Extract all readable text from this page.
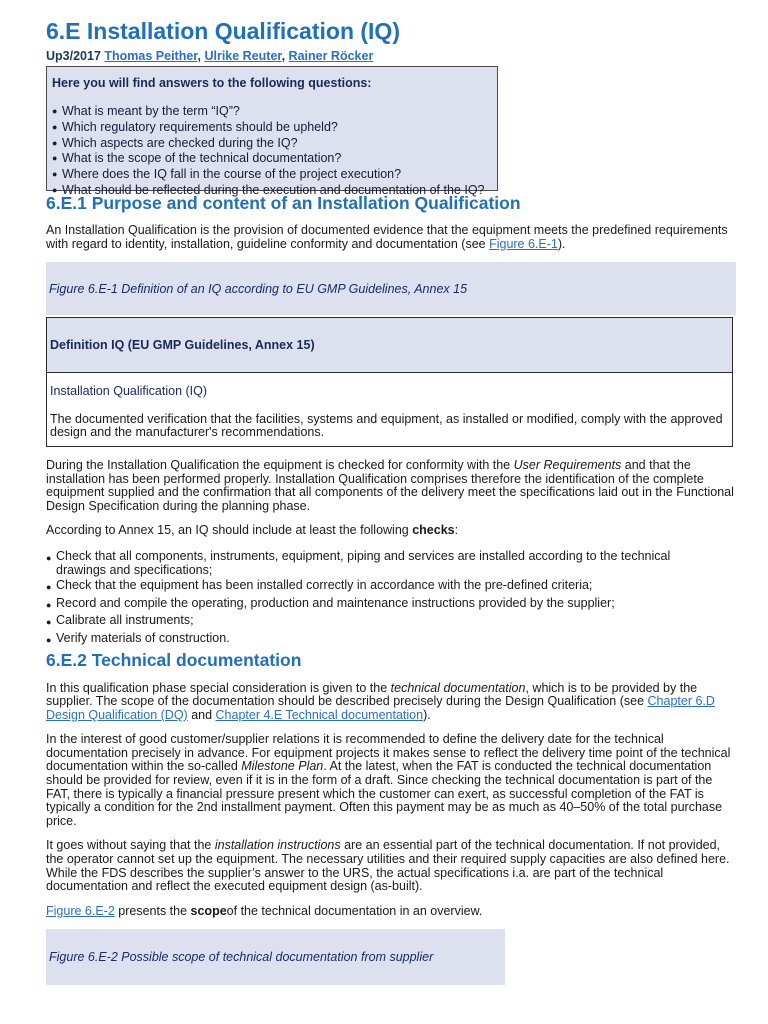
6.E Installation Qualification (IQ)
Up3/2017 Thomas Peither, Ulrike Reuter, Rainer Röcker
Here you will find answers to the following questions:
● What is meant by the term “IQ”?
● Which regulatory requirements should be upheld?
● Which aspects are checked during the IQ?
● What is the scope of the technical documentation?
● Where does the IQ fall in the course of the project execution?
● What should be reflected during the execution and documentation of the IQ?
6.E.1 Purpose and content of an Installation Qualification

An Installation Qualification is the provision of documented evidence that the equipment meets the predefined requirements with regard to identity, installation, guideline conformity and documentation (see Figure 6.E-1).

Figure 6.E-1 Definition of an IQ according to EU GMP Guidelines, Annex 15
Definition IQ (EU GMP Guidelines, Annex 15)

Installation Qualification (IQ)

The documented verification that the facilities, systems and equipment, as installed or modified, comply with the approved design and the manufacturer's recommendations.

During the Installation Qualification the equipment is checked for conformity with the User Requirements and that the installation has been performed properly. Installation Qualification comprises therefore the identification of the complete equipment supplied and the confirmation that all components of the delivery meet the specifications laid out in the Functional Design Specification during the planning phase.

According to Annex 15, an IQ should include at least the following checks:

● Check that all components, instruments, equipment, piping and services are installed according to the technical drawings and specifications;
● Check that the equipment has been installed correctly in accordance with the pre-defined criteria;
● Record and compile the operating, production and maintenance instructions provided by the supplier;
● Calibrate all instruments;
● Verify materials of construction.
6.E.2 Technical documentation

In this qualification phase special consideration is given to the technical documentation, which is to be provided by the supplier. The scope of the documentation should be described precisely during the Design Qualification (see Chapter 6.D Design Qualification (DQ) and Chapter 4.E Technical documentation).

In the interest of good customer/supplier relations it is recommended to define the delivery date for the technical documentation precisely in advance. For equipment projects it makes sense to reflect the delivery time point of the technical documentation within the so-called Milestone Plan. At the latest, when the FAT is conducted the technical documentation should be provided for review, even if it is in the form of a draft. Since checking the technical documentation is part of the FAT, there is typically a financial pressure present which the customer can exert, as successful completion of the FAT is typically a condition for the 2nd installment payment. Often this payment may be as much as 40–50% of the total purchase price.

It goes without saying that the installation instructions are an essential part of the technical documentation. If not provided, the operator cannot set up the equipment. The necessary utilities and their required supply capacities are also defined here. While the FDS describes the supplier’s answer to the URS, the actual specifications i.a. are part of the technical documentation and reflect the executed equipment design (as-built).

Figure 6.E-2 presents the scopeof the technical documentation in an overview.

Figure 6.E-2 Possible scope of technical documentation from supplier
